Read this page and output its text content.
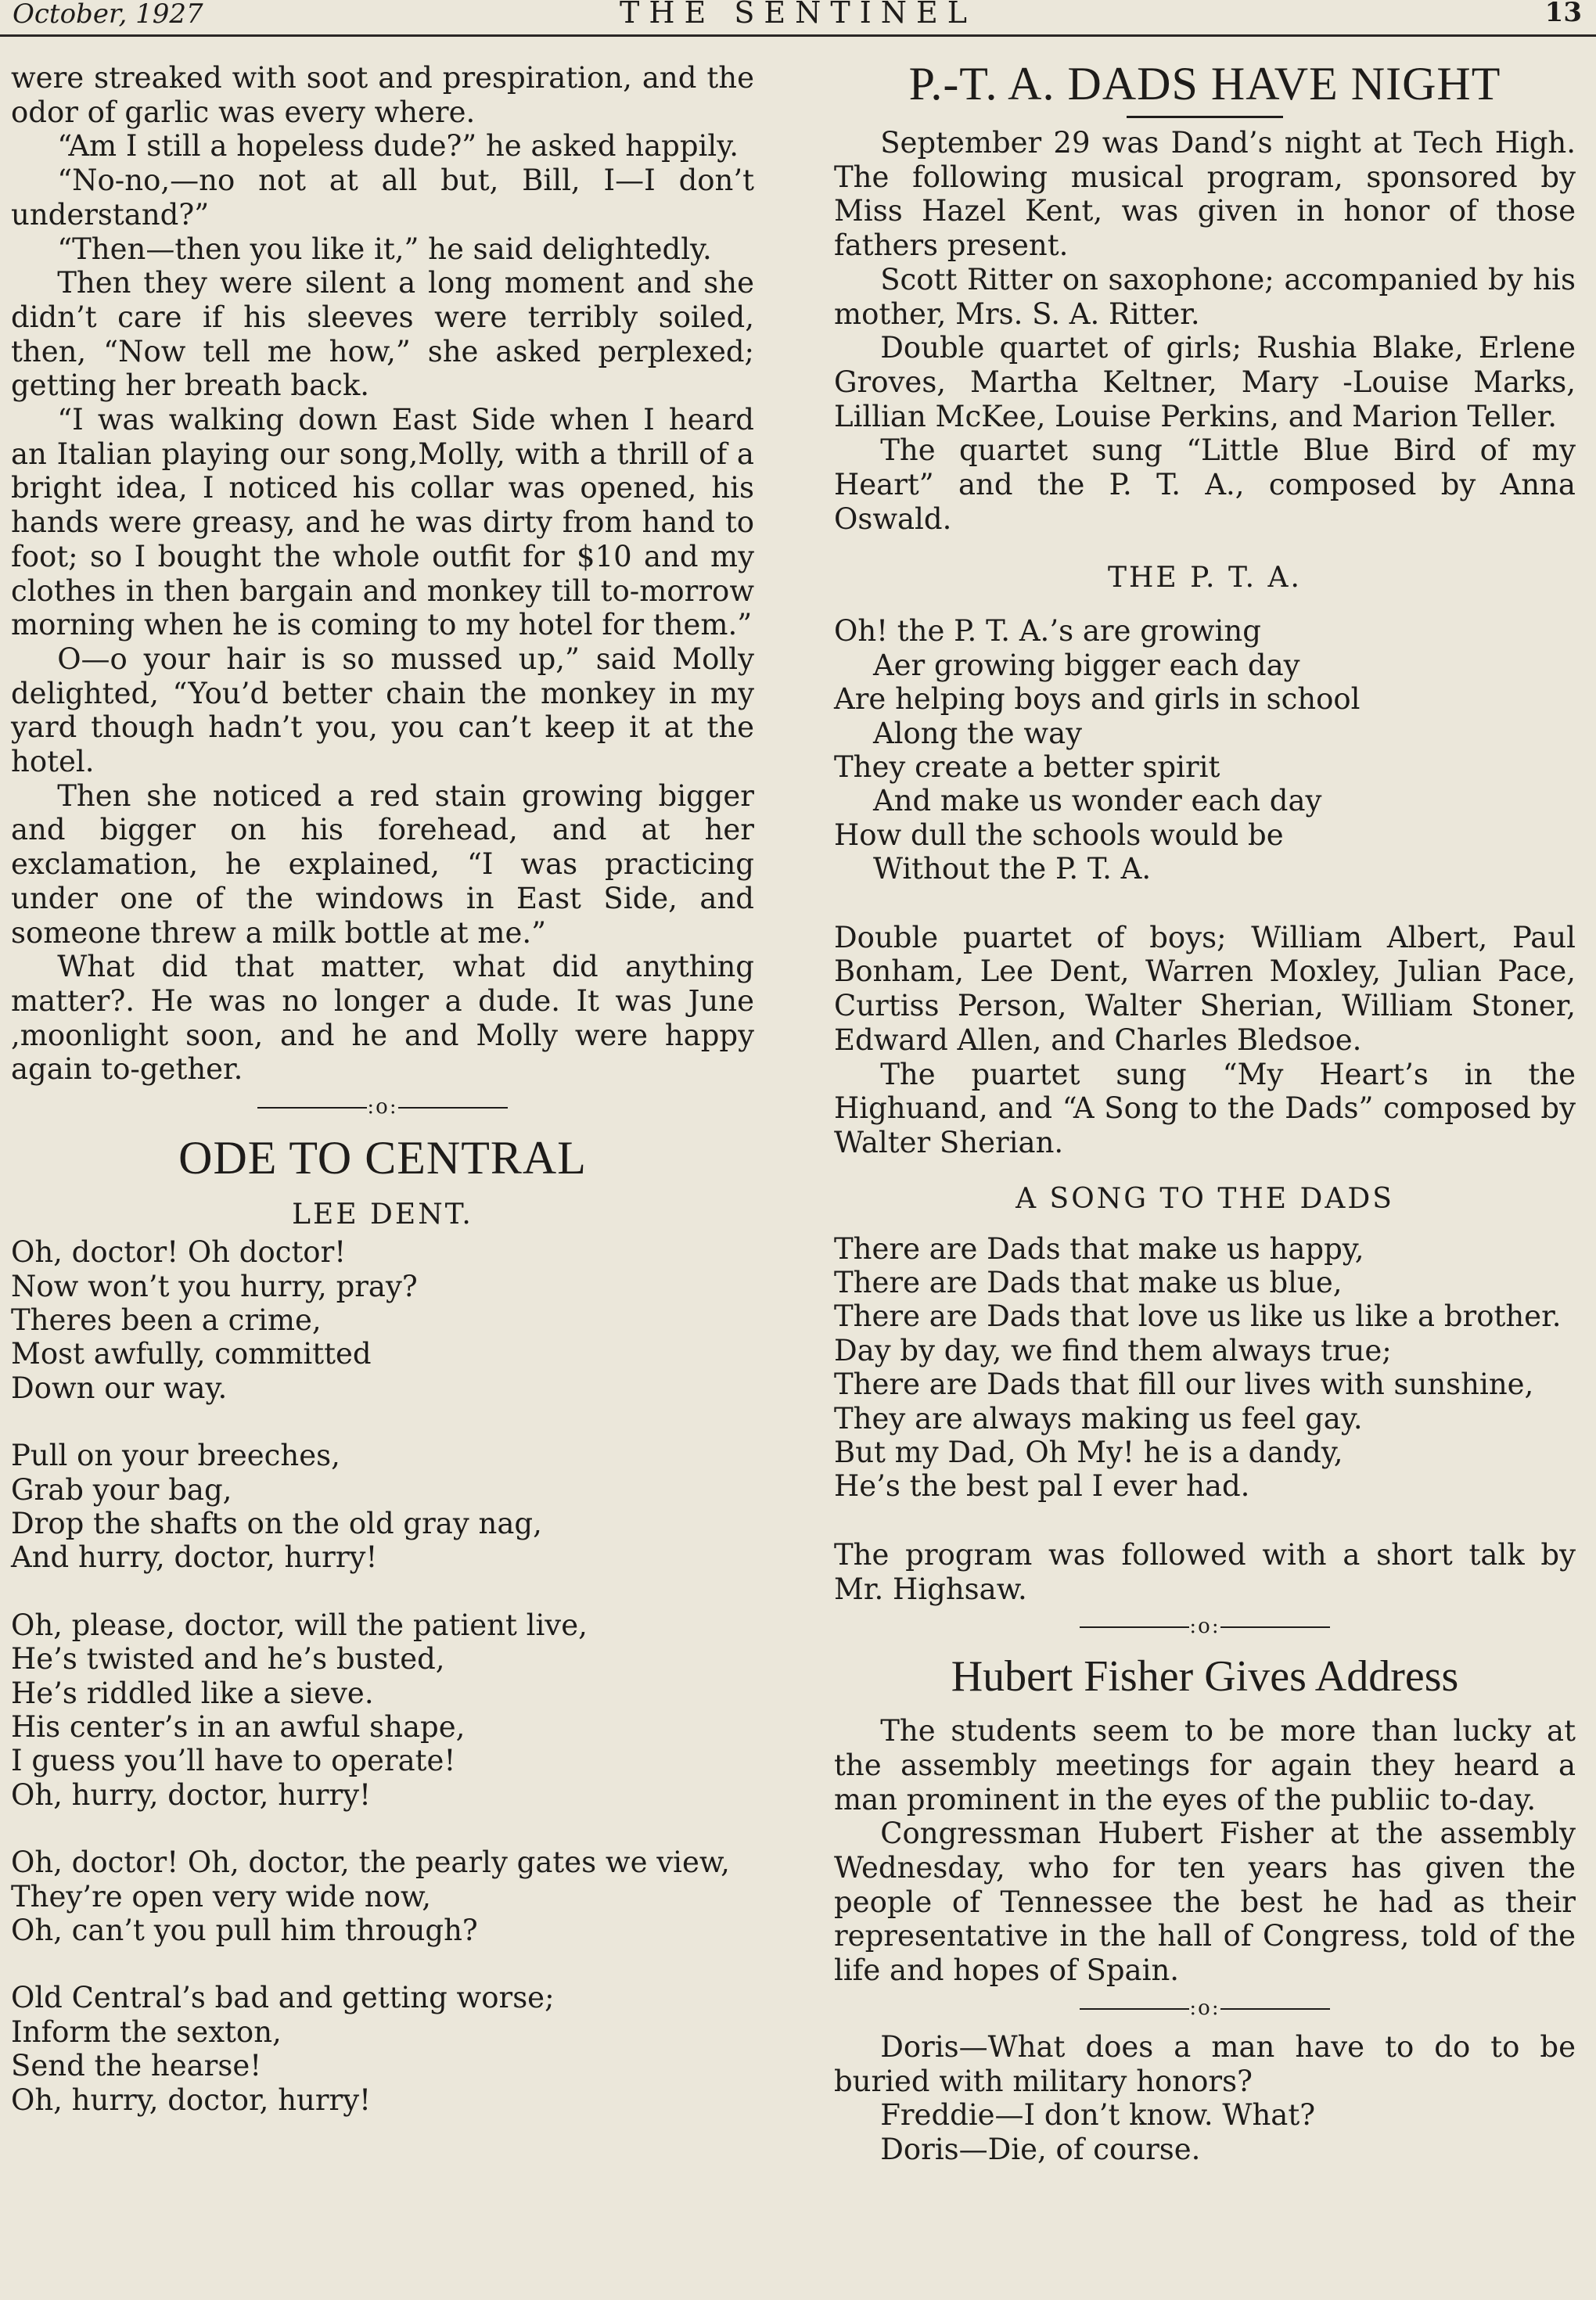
October, 1927	THE SENTINEL	13

were streaked with soot and prespiration, and the odor of garlic was every where.

“Am I still a hopeless dude?” he asked happily.

“No-no,—no not at all but, Bill, I—I don’t understand?”

“Then—then you like it,” he said delightedly.

Then they were silent a long moment and she didn’t care if his sleeves were terribly soiled, then, “Now tell me how,” she asked perplexed; getting her breath back.

“I was walking down East Side when I heard an Italian playing our song,Molly, with a thrill of a bright idea, I noticed his collar was opened, his hands were greasy, and he was dirty from hand to foot; so I bought the whole outfit for $10 and my clothes in then bargain and monkey till to-morrow morning when he is coming to my hotel for them.”

O—o your hair is so mussed up,” said Molly delighted, “You’d better chain the monkey in my yard though hadn’t you, you can’t keep it at the hotel.

Then she noticed a red stain growing bigger and bigger on his forehead, and at her exclamation, he explained, “I was practicing under one of the windows in East Side, and someone threw a milk bottle at me.”

What did that matter, what did anything matter?. He was no longer a dude. It was June ,moonlight soon, and he and Molly were happy again to-gether.

:o:
ODE TO CENTRAL
LEE DENT.
Oh, doctor! Oh doctor!
Now won’t you hurry, pray?
Theres been a crime,
Most awfully, committed
Down our way.
Pull on your breeches,
Grab your bag,
Drop the shafts on the old gray nag,
And hurry, doctor, hurry!
Oh, please, doctor, will the patient live,
He’s twisted and he’s busted,
He’s riddled like a sieve.
His center’s in an awful shape,
I guess you’ll have to operate!
Oh, hurry, doctor, hurry!
Oh, doctor! Oh, doctor, the pearly gates we view,
They’re open very wide now,
Oh, can’t you pull him through?
Old Central’s bad and getting worse;
Inform the sexton,
Send the hearse!
Oh, hurry, doctor, hurry!
P.-T. A. DADS HAVE NIGHT

September 29 was Dand’s night at Tech High. The following musical program, sponsored by Miss Hazel Kent, was given in honor of those fathers present.

Scott Ritter on saxophone; accompanied by his mother, Mrs. S. A. Ritter.

Double quartet of girls; Rushia Blake, Erlene Groves, Martha Keltner, Mary -Louise Marks, Lillian McKee, Louise Perkins, and Marion Teller.

The quartet sung “Little Blue Bird of my Heart” and the P. T. A., composed by Anna Oswald.

THE P. T. A.
Oh! the P. T. A.’s are growing
Aer growing bigger each day
Are helping boys and girls in school
Along the way
They create a better spirit
And make us wonder each day
How dull the schools would be
Without the P. T. A.

Double puartet of boys; William Albert, Paul Bonham, Lee Dent, Warren Moxley, Julian Pace, Curtiss Person, Walter Sherian, William Stoner, Edward Allen, and Charles Bledsoe.

The puartet sung “My Heart’s in the Highuand, and “A Song to the Dads” composed by Walter Sherian.

A SONG TO THE DADS
There are Dads that make us happy,
There are Dads that make us blue,
There are Dads that love us like us like a brother.
Day by day, we find them always true;
There are Dads that fill our lives with sunshine,
They are always making us feel gay.
But my Dad, Oh My! he is a dandy,
He’s the best pal I ever had.

The program was followed with a short talk by Mr. Highsaw.

:o:
Hubert Fisher Gives Address

The students seem to be more than lucky at the assembly meetings for again they heard a man prominent in the eyes of the publiic to-day.

Congressman Hubert Fisher at the assembly Wednesday, who for ten years has given the people of Tennessee the best he had as their representative in the hall of Congress, told of the life and hopes of Spain.

:o:

Doris—What does a man have to do to be buried with military honors?

Freddie—I don’t know. What?

Doris—Die, of course.
